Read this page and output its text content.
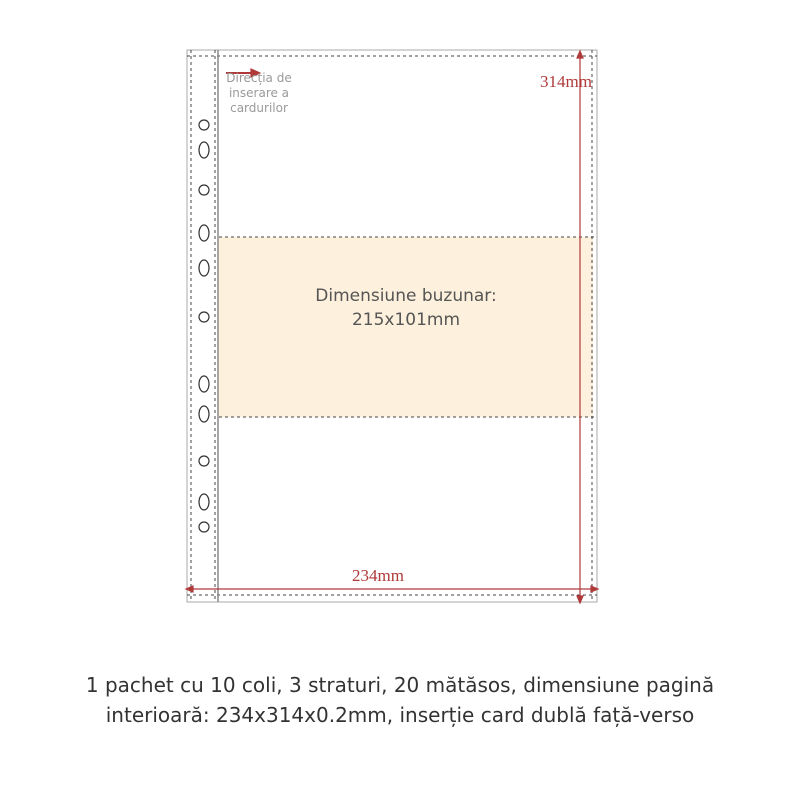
Direcția de inserare a cardurilor
314mm
234mm
Dimensiune buzunar:
215x101mm
1 pachet cu 10 coli, 3 straturi, 20 mătăsos, dimensiune pagină
interioară: 234x314x0.2mm, inserție card dublă față-verso
